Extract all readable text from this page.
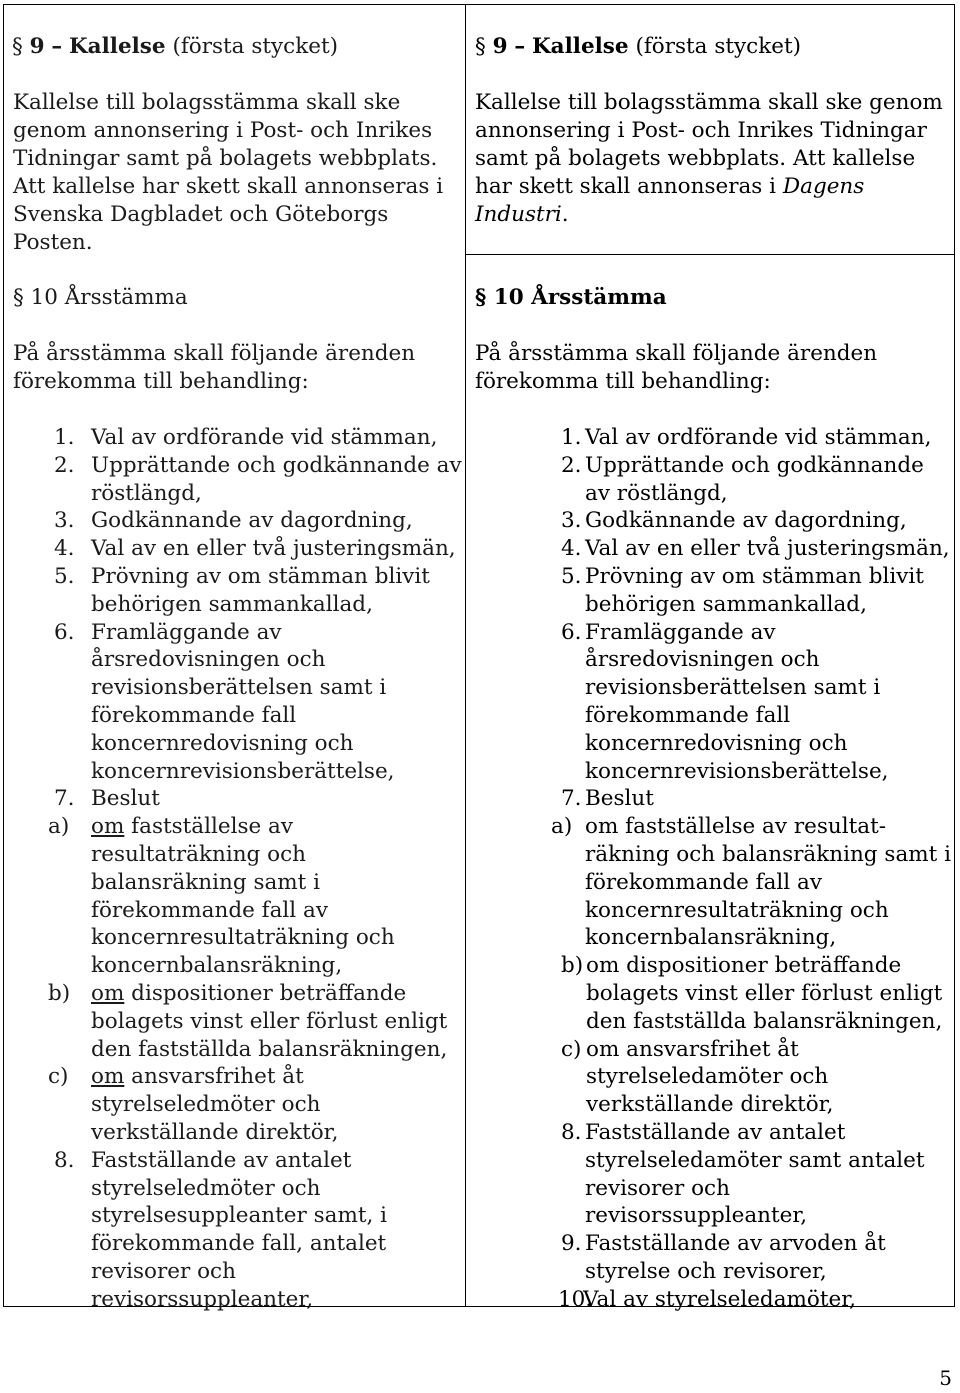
§ 9 – Kallelse (första stycket)
Kallelse till bolagsstämma skall ske
genom annonsering i Post- och Inrikes
Tidningar samt på bolagets webbplats.
Att kallelse har skett skall annonseras i
Svenska Dagbladet och Göteborgs
Posten.
§ 10 Årsstämma
På årsstämma skall följande ärenden
förekomma till behandling:
1. Val av ordförande vid stämman,
2. Upprättande och godkännande av
röstlängd,
3. Godkännande av dagordning,
4. Val av en eller två justeringsmän,
5. Prövning av om stämman blivit
behörigen sammankallad,
6. Framläggande av
årsredovisningen och
revisionsberättelsen samt i
förekommande fall
koncernredovisning och
koncernrevisionsberättelse,
7. Beslut
a) om fastställelse av
resultaträkning och
balansräkning samt i
förekommande fall av
koncernresultaträkning och
koncernbalansräkning,
b) om dispositioner beträffande
bolagets vinst eller förlust enligt
den fastställda balansräkningen,
c) om ansvarsfrihet åt
styrelseledmöter och
verkställande direktör,
8. Fastställande av antalet
styrelseledmöter och
styrelsesuppleanter samt, i
förekommande fall, antalet
revisorer och
revisorssuppleanter,
§ 9 – Kallelse (första stycket)
Kallelse till bolagsstämma skall ske genom
annonsering i Post- och Inrikes Tidningar
samt på bolagets webbplats. Att kallelse
har skett skall annonseras i Dagens
Industri.
§ 10 Årsstämma
På årsstämma skall följande ärenden
förekomma till behandling:
1. Val av ordförande vid stämman,
2. Upprättande och godkännande
av röstlängd,
3. Godkännande av dagordning,
4. Val av en eller två justeringsmän,
5. Prövning av om stämman blivit
behörigen sammankallad,
6. Framläggande av
årsredovisningen och
revisionsberättelsen samt i
förekommande fall
koncernredovisning och
koncernrevisionsberättelse,
7. Beslut
a) om fastställelse av resultat-
räkning och balansräkning samt i
förekommande fall av
koncernresultaträkning och
koncernbalansräkning,
b) om dispositioner beträffande
bolagets vinst eller förlust enligt
den fastställda balansräkningen,
c) om ansvarsfrihet åt
styrelseledamöter och
verkställande direktör,
8. Fastställande av antalet
styrelseledamöter samt antalet
revisorer och
revisorssuppleanter,
9. Fastställande av arvoden åt
styrelse och revisorer,
10.
Val av styrelseledamöter,
5
